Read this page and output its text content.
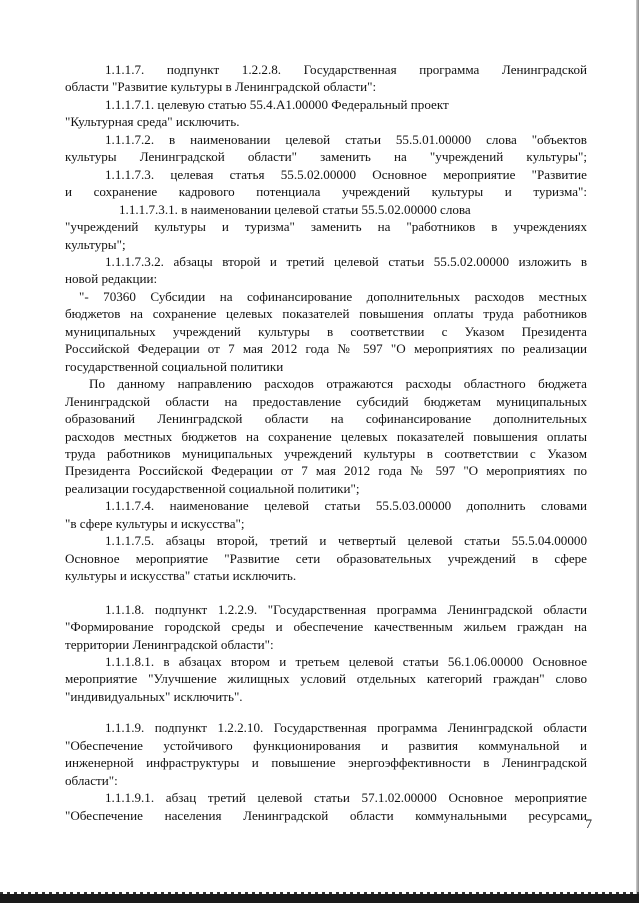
1.1.1.7. подпункт 1.2.2.8. Государственная программа Ленинградской

области "Развитие культуры в Ленинградской области":

1.1.1.7.1. целевую статью 55.4.А1.00000 Федеральный проект

"Культурная среда" исключить.

1.1.1.7.2. в наименовании целевой статьи 55.5.01.00000 слова "объектов

культуры Ленинградской области" заменить на "учреждений культуры";

1.1.1.7.3. целевая статья 55.5.02.00000 Основное мероприятие "Развитие

и сохранение кадрового потенциала учреждений культуры и туризма":

1.1.1.7.3.1. в наименовании целевой статьи 55.5.02.00000 слова

"учреждений культуры и туризма" заменить на "работников в учреждениях

культуры";

1.1.1.7.3.2. абзацы второй и третий целевой статьи 55.5.02.00000 изложить в

новой редакции:

"- 70360 Субсидии на софинансирование дополнительных расходов местных

бюджетов на сохранение целевых показателей повышения оплаты труда работников

муниципальных учреждений культуры в соответствии с Указом Президента

Российской Федерации от 7 мая 2012 года № 597 "О мероприятиях по реализации

государственной социальной политики

По данному направлению расходов отражаются расходы областного бюджета

Ленинградской области на предоставление субсидий бюджетам муниципальных

образований Ленинградской области на софинансирование дополнительных

расходов местных бюджетов на сохранение целевых показателей повышения оплаты

труда работников муниципальных учреждений культуры в соответствии с Указом

Президента Российской Федерации от 7 мая 2012 года № 597 "О мероприятиях по

реализации государственной социальной политики";

1.1.1.7.4. наименование целевой статьи 55.5.03.00000 дополнить словами

"в сфере культуры и искусства";

1.1.1.7.5. абзацы второй, третий и четвертый целевой статьи 55.5.04.00000

Основное мероприятие "Развитие сети образовательных учреждений в сфере

культуры и искусства" статьи исключить.

1.1.1.8. подпункт 1.2.2.9. "Государственная программа Ленинградской области

"Формирование городской среды и обеспечение качественным жильем граждан на

территории Ленинградской области":

1.1.1.8.1. в абзацах втором и третьем целевой статьи 56.1.06.00000 Основное

мероприятие "Улучшение жилищных условий отдельных категорий граждан" слово

"индивидуальных" исключить".

1.1.1.9. подпункт 1.2.2.10. Государственная программа Ленинградской области

"Обеспечение устойчивого функционирования и развития коммунальной и

инженерной инфраструктуры и повышение энергоэффективности в Ленинградской

области":

1.1.1.9.1. абзац третий целевой статьи 57.1.02.00000 Основное мероприятие

"Обеспечение населения Ленинградской области коммунальными ресурсами

7
